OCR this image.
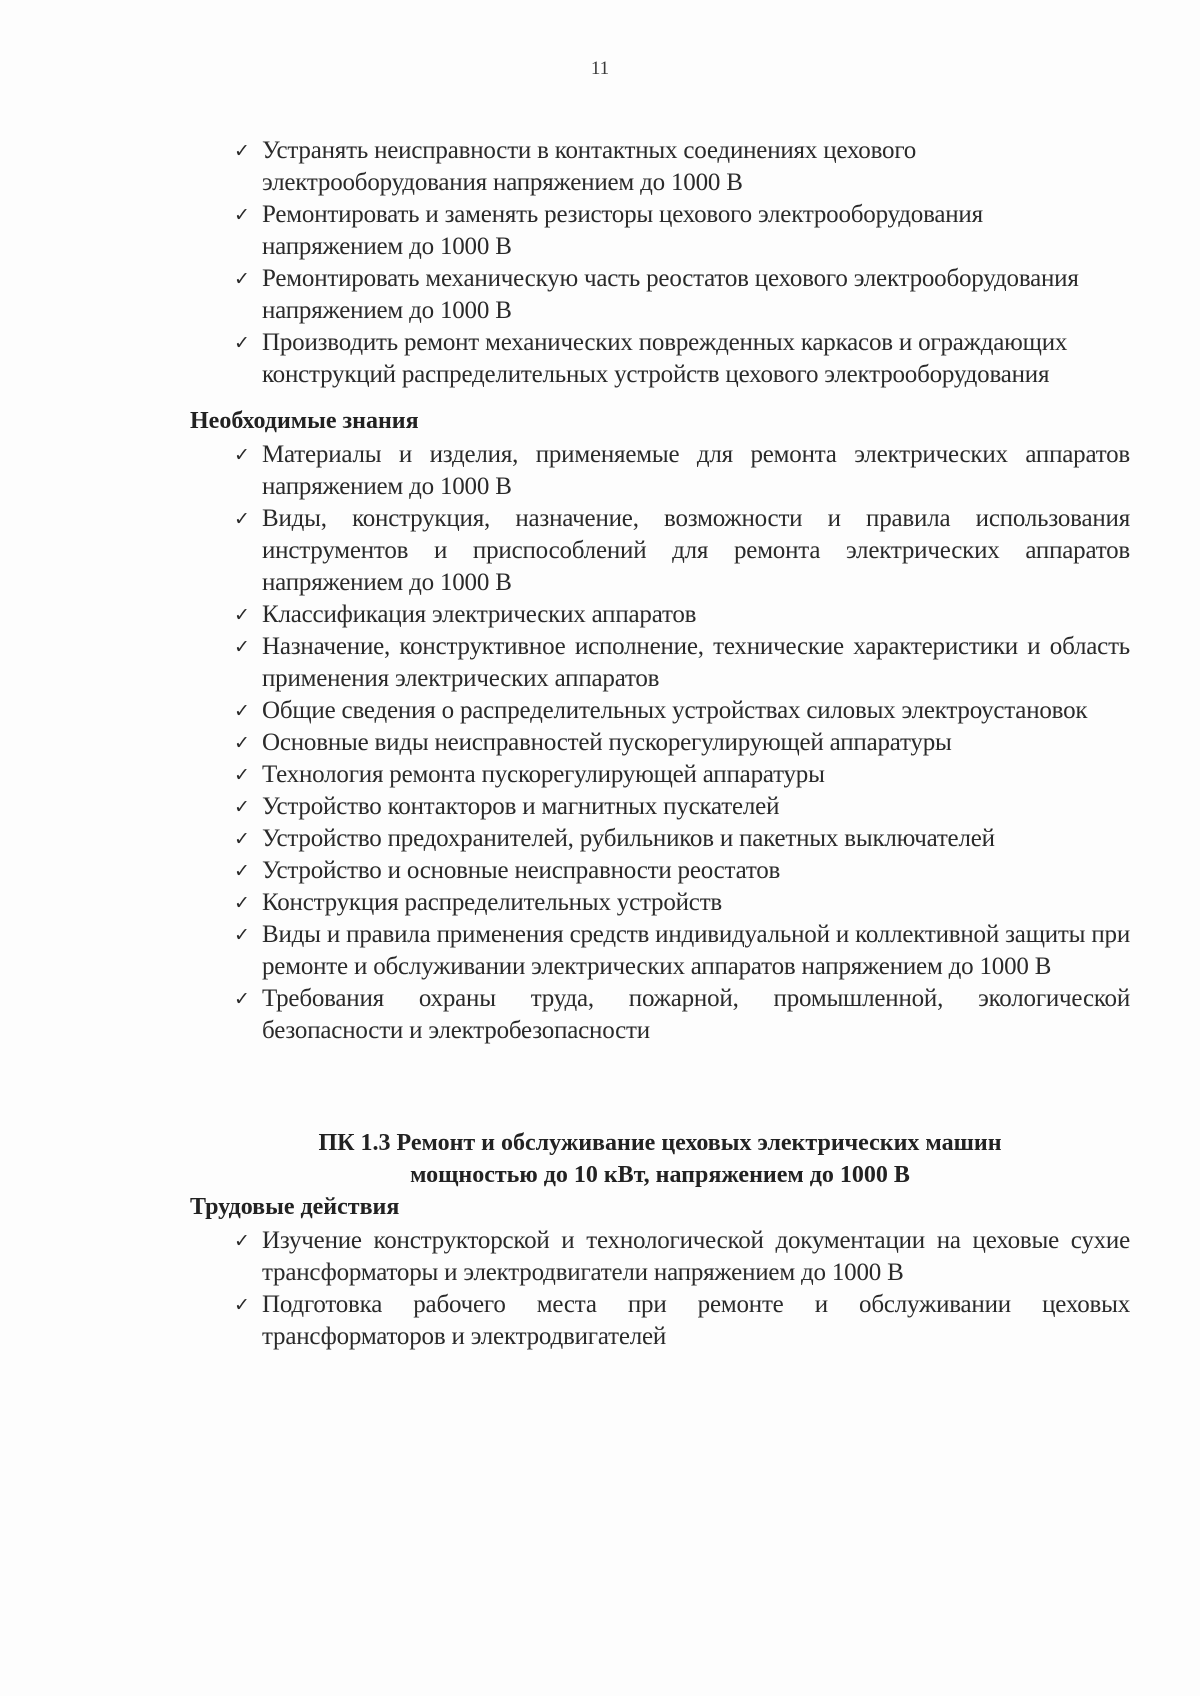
11
✓ Устранять неисправности в контактных соединениях цехового электрооборудования напряжением до 1000 В
✓ Ремонтировать и заменять резисторы цехового электрооборудования напряжением до 1000 В
✓ Ремонтировать механическую часть реостатов цехового электрооборудования напряжением до 1000 В
✓ Производить ремонт механических поврежденных каркасов и ограждающих конструкций распределительных устройств цехового электрооборудования
Необходимые знания
✓ Материалы и изделия, применяемые для ремонта электрических аппаратов напряжением до 1000 В
✓ Виды, конструкция, назначение, возможности и правила использования инструментов и приспособлений для ремонта электрических аппаратов напряжением до 1000 В
✓ Классификация электрических аппаратов
✓ Назначение, конструктивное исполнение, технические характеристики и область применения электрических аппаратов
✓ Общие сведения о распределительных устройствах силовых электроустановок
✓ Основные виды неисправностей пускорегулирующей аппаратуры
✓ Технология ремонта пускорегулирующей аппаратуры
✓ Устройство контакторов и магнитных пускателей
✓ Устройство предохранителей, рубильников и пакетных выключателей
✓ Устройство и основные неисправности реостатов
✓ Конструкция распределительных устройств
✓ Виды и правила применения средств индивидуальной и коллективной защиты при ремонте и обслуживании электрических аппаратов напряжением до 1000 В
✓ Требования охраны труда, пожарной, промышленной, экологической безопасности и электробезопасности
ПК 1.3 Ремонт и обслуживание цеховых электрических машин
мощностью до 10 кВт, напряжением до 1000 В
Трудовые действия
✓ Изучение конструкторской и технологической документации на цеховые сухие трансформаторы и электродвигатели напряжением до 1000 В
✓ Подготовка рабочего места при ремонте и обслуживании цеховых трансформаторов и электродвигателей
